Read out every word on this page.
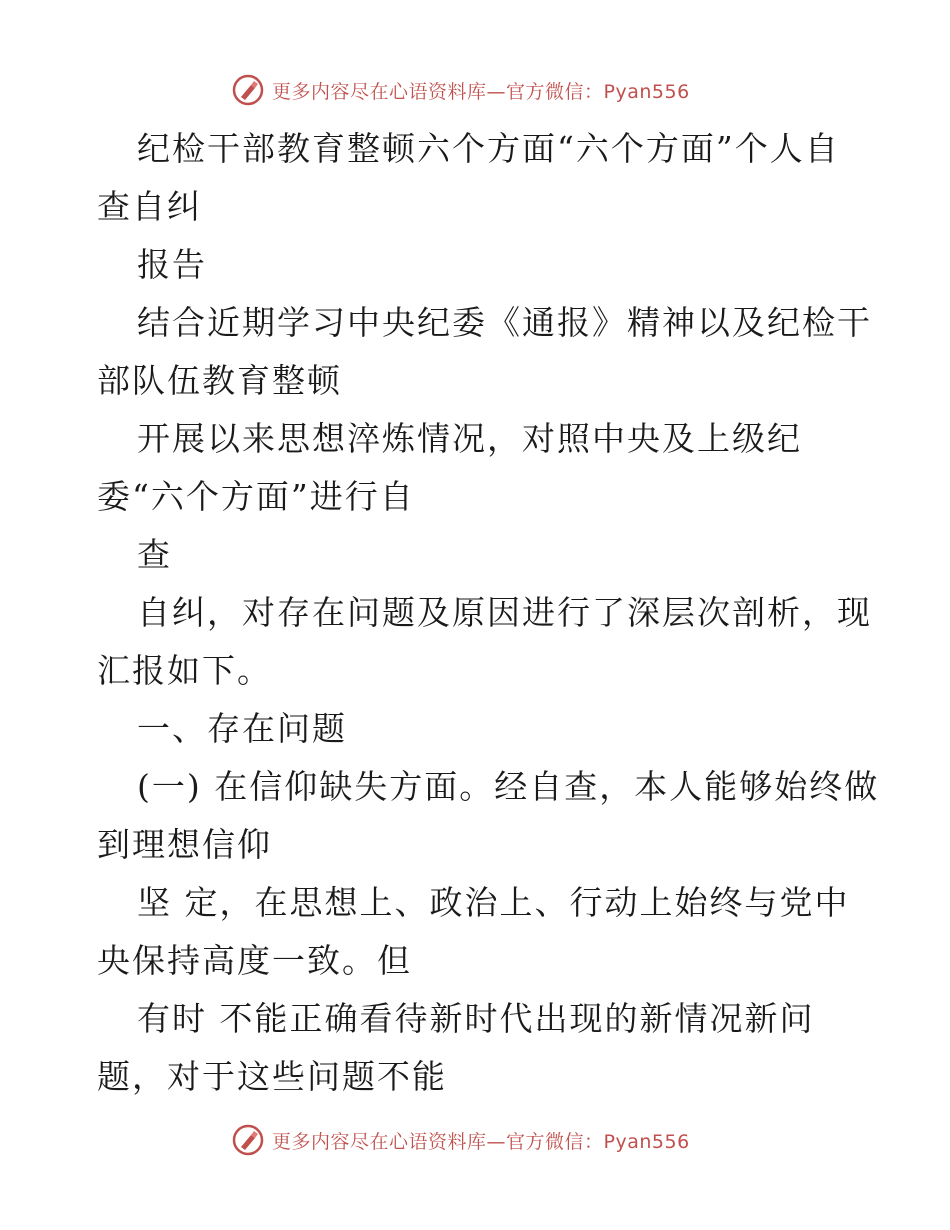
更多内容尽在心语资料库—官方微信：Pyan556
纪检干部教育整顿六个方面“六个方面”个人自
查自纠
报告
结合近期学习中央纪委《通报》精神以及纪检干
部队伍教育整顿
开展以来思想淬炼情况，对照中央及上级纪
委“六个方面”进行自
查
自纠，对存在问题及原因进行了深层次剖析，现
汇报如下。
一、存在问题
(一) 在信仰缺失方面。经自查，本人能够始终做
到理想信仰
坚 定，在思想上、政治上、行动上始终与党中
央保持高度一致。但
有时 不能正确看待新时代出现的新情况新问
题，对于这些问题不能
更多内容尽在心语资料库—官方微信：Pyan556
